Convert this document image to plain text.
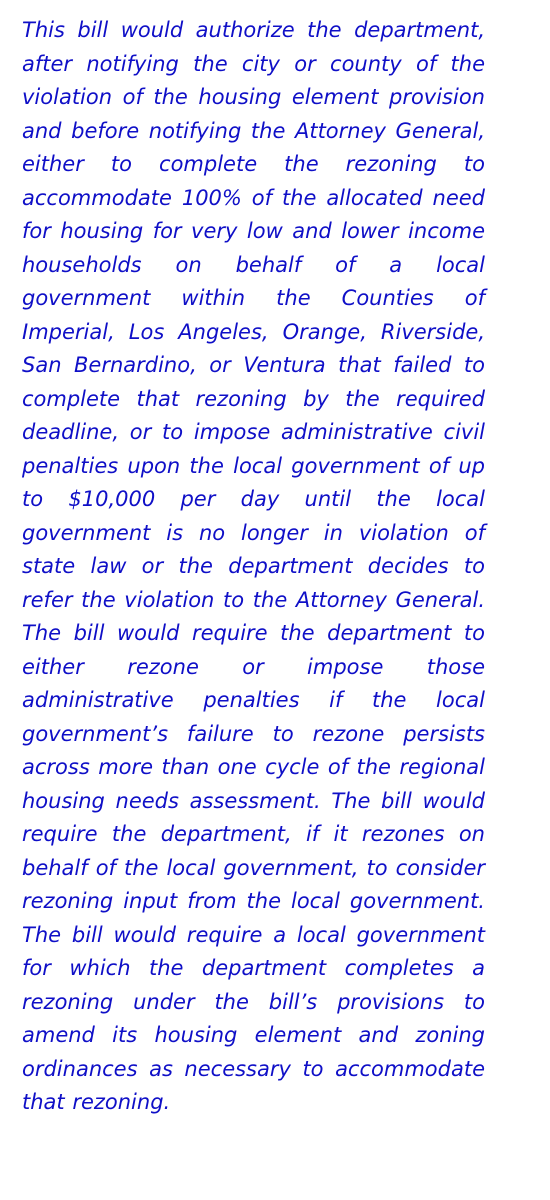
This bill would authorize the department, after notifying the city or county of the violation of the housing element provision and before notifying the Attorney General, either to complete the rezoning to accommodate 100% of the allocated need for housing for very low and lower income households on behalf of a local government within the Counties of Imperial, Los Angeles, Orange, Riverside, San Bernardino, or Ventura that failed to complete that rezoning by the required deadline, or to impose administrative civil penalties upon the local government of up to $10,000 per day until the local government is no longer in violation of state law or the department decides to refer the violation to the Attorney General. The bill would require the department to either rezone or impose those administrative penalties if the local government’s failure to rezone persists across more than one cycle of the regional housing needs assessment. The bill would require the department, if it rezones on behalf of the local government, to consider rezoning input from the local government. The bill would require a local government for which the department completes a rezoning under the bill’s provisions to amend its housing element and zoning ordinances as necessary to accommodate that rezoning.
